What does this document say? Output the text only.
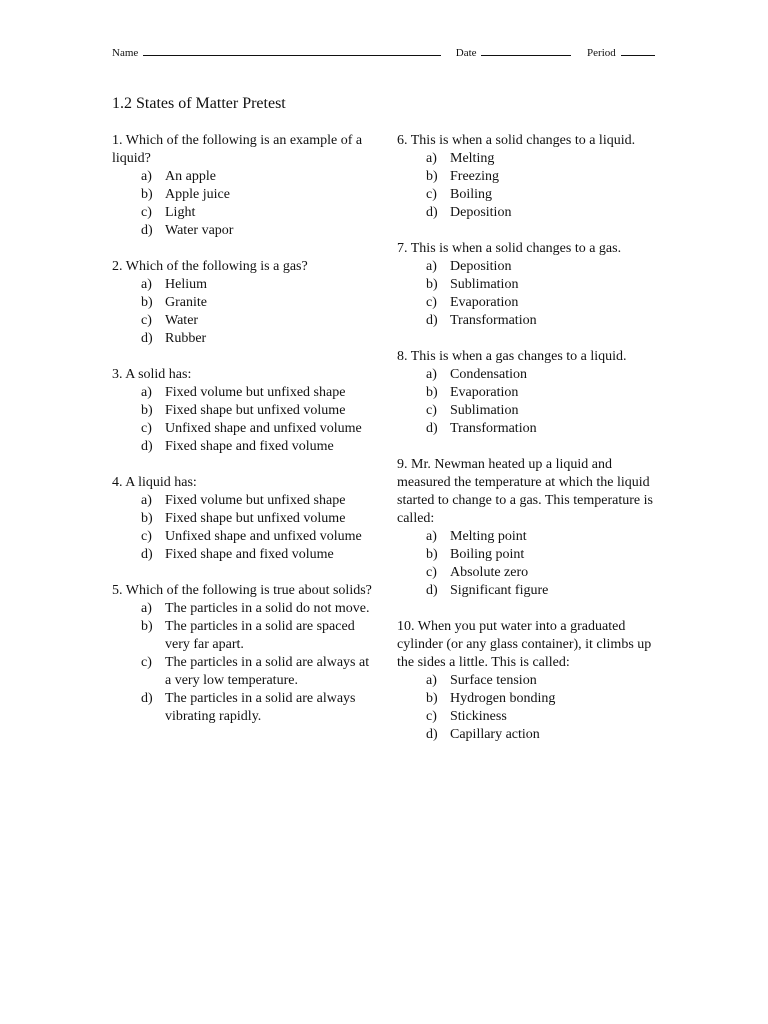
Name	Date	Period
1.2 States of Matter Pretest

1. Which of the following is an example of a liquid?

a) An apple
b) Apple juice
c) Light
d) Water vapor

2. Which of the following is a gas?

a) Helium
b) Granite
c) Water
d) Rubber

3. A solid has:

a) Fixed volume but unfixed shape
b) Fixed shape but unfixed volume
c) Unfixed shape and unfixed volume
d) Fixed shape and fixed volume

4. A liquid has:

a) Fixed volume but unfixed shape
b) Fixed shape but unfixed volume
c) Unfixed shape and unfixed volume
d) Fixed shape and fixed volume

5. Which of the following is true about solids?

a) The particles in a solid do not move.
b) The particles in a solid are spaced very far apart.
c) The particles in a solid are always at a very low temperature.
d) The particles in a solid are always vibrating rapidly.

6. This is when a solid changes to a liquid.

a) Melting
b) Freezing
c) Boiling
d) Deposition

7. This is when a solid changes to a gas.

a) Deposition
b) Sublimation
c) Evaporation
d) Transformation

8. This is when a gas changes to a liquid.

a) Condensation
b) Evaporation
c) Sublimation
d) Transformation

9. Mr. Newman heated up a liquid and measured the temperature at which the liquid started to change to a gas. This temperature is called:

a) Melting point
b) Boiling point
c) Absolute zero
d) Significant figure

10. When you put water into a graduated cylinder (or any glass container), it climbs up the sides a little. This is called:

a) Surface tension
b) Hydrogen bonding
c) Stickiness
d) Capillary action
